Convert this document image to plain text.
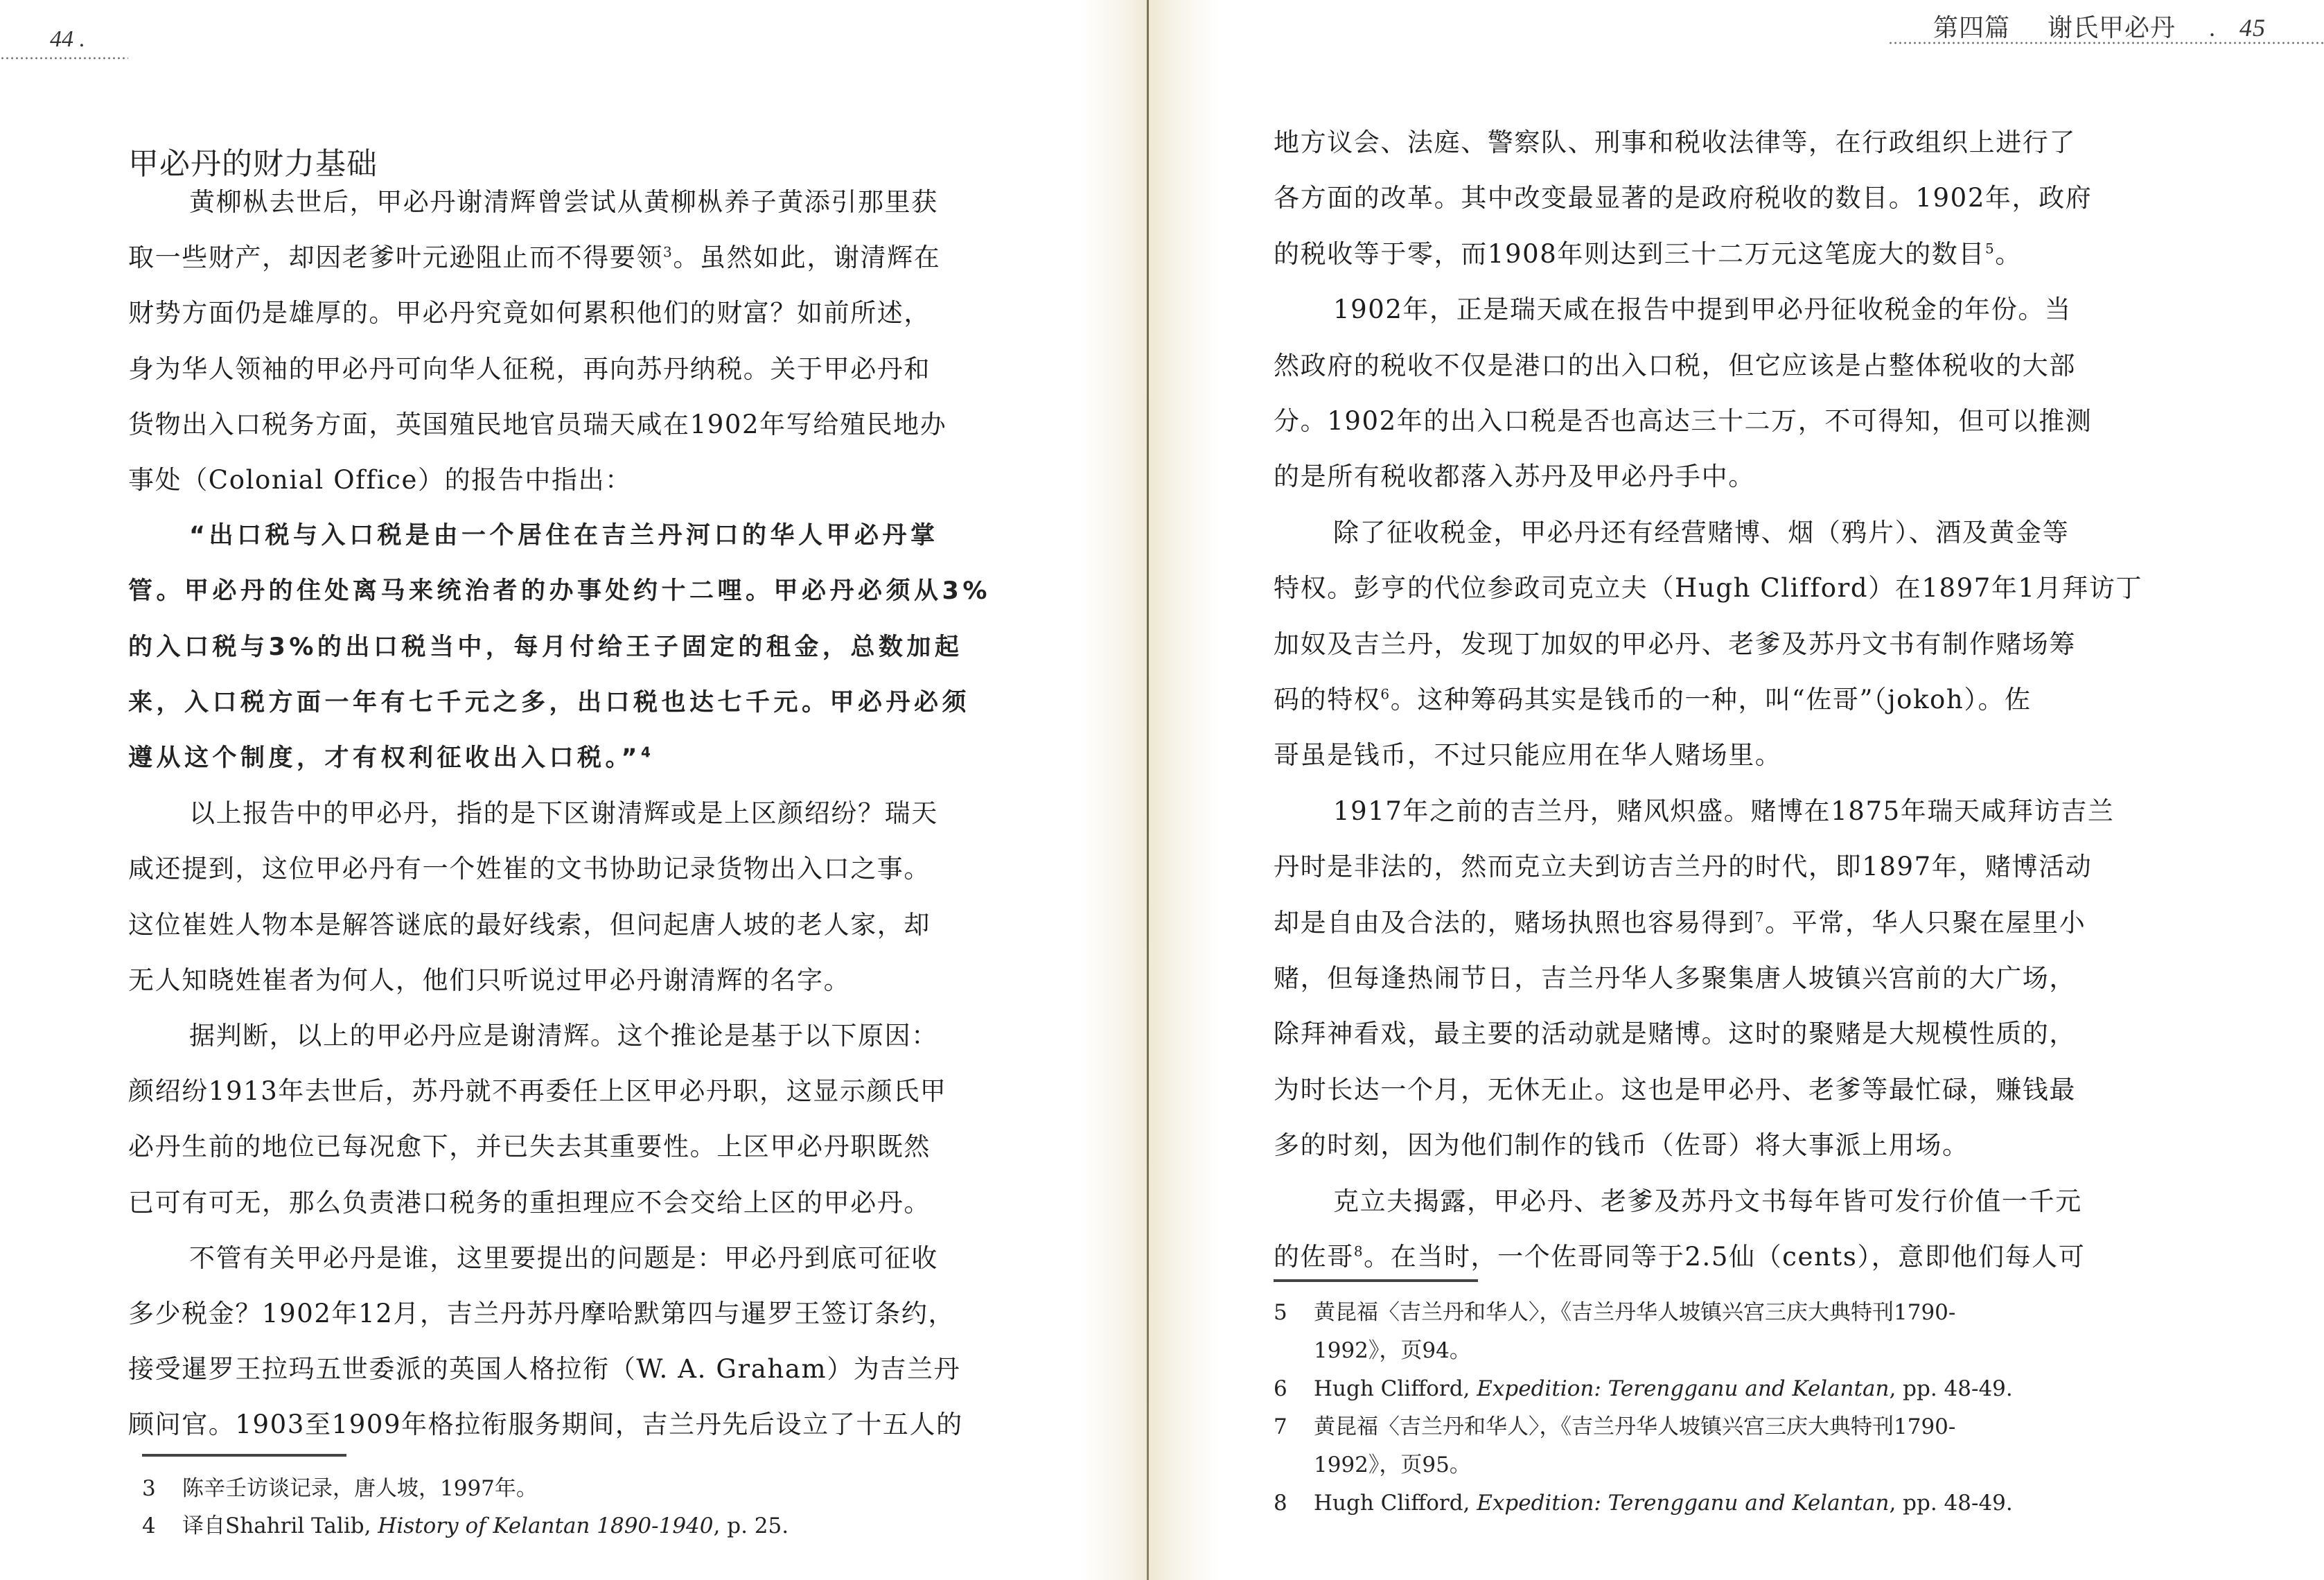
44 .
甲必丹的财力基础
黄柳枞去世后，甲必丹谢清辉曾尝试从黄柳枞养子黄添引那里获
取一些财产，却因老爹叶元逊阻止而不得要领$^3$。虽然如此，谢清辉在
财势方面仍是雄厚的。甲必丹究竟如何累积他们的财富？如前所述，
身为华人领袖的甲必丹可向华人征税，再向苏丹纳税。关于甲必丹和
货物出入口税务方面，英国殖民地官员瑞天咸在1902年写给殖民地办
事处（Colonial Office）的报告中指出：
“出口税与入口税是由一个居住在吉兰丹河口的华人甲必丹掌
管。甲必丹的住处离马来统治者的办事处约十二哩。甲必丹必须从3%
的入口税与3%的出口税当中，每月付给王子固定的租金，总数加起
来，入口税方面一年有七千元之多，出口税也达七千元。甲必丹必须
遵从这个制度，才有权利征收出入口税。”$^4$
以上报告中的甲必丹，指的是下区谢清辉或是上区颜绍纷？瑞天
咸还提到，这位甲必丹有一个姓崔的文书协助记录货物出入口之事。
这位崔姓人物本是解答谜底的最好线索，但问起唐人坡的老人家，却
无人知晓姓崔者为何人，他们只听说过甲必丹谢清辉的名字。
据判断，以上的甲必丹应是谢清辉。这个推论是基于以下原因：
颜绍纷1913年去世后，苏丹就不再委任上区甲必丹职，这显示颜氏甲
必丹生前的地位已每况愈下，并已失去其重要性。上区甲必丹职既然
已可有可无，那么负责港口税务的重担理应不会交给上区的甲必丹。
不管有关甲必丹是谁，这里要提出的问题是：甲必丹到底可征收
多少税金？1902年12月，吉兰丹苏丹摩哈默第四与暹罗王签订条约，
接受暹罗王拉玛五世委派的英国人格拉衔（W. A. Graham）为吉兰丹
顾问官。1903至1909年格拉衔服务期间，吉兰丹先后设立了十五人的
3 陈辛壬访谈记录，唐人坡，1997年。
4 译自Shahril Talib, History of Kelantan 1890-1940, p. 25.
第四篇 谢氏甲必丹 . 45
地方议会、法庭、警察队、刑事和税收法律等，在行政组织上进行了
各方面的改革。其中改变最显著的是政府税收的数目。1902年，政府
的税收等于零，而1908年则达到三十二万元这笔庞大的数目$^5$。
1902年，正是瑞天咸在报告中提到甲必丹征收税金的年份。当
然政府的税收不仅是港口的出入口税，但它应该是占整体税收的大部
分。1902年的出入口税是否也高达三十二万，不可得知，但可以推测
的是所有税收都落入苏丹及甲必丹手中。
除了征收税金，甲必丹还有经营赌博、烟（鸦片）、酒及黄金等
特权。彭亨的代位参政司克立夫（Hugh Clifford）在1897年1月拜访丁
加奴及吉兰丹，发现丁加奴的甲必丹、老爹及苏丹文书有制作赌场筹
码的特权$^6$。这种筹码其实是钱币的一种，叫“佐哥”（jokoh）。佐
哥虽是钱币，不过只能应用在华人赌场里。
1917年之前的吉兰丹，赌风炽盛。赌博在1875年瑞天咸拜访吉兰
丹时是非法的，然而克立夫到访吉兰丹的时代，即1897年，赌博活动
却是自由及合法的，赌场执照也容易得到$^7$。平常，华人只聚在屋里小
赌，但每逢热闹节日，吉兰丹华人多聚集唐人坡镇兴宫前的大广场，
除拜神看戏，最主要的活动就是赌博。这时的聚赌是大规模性质的，
为时长达一个月，无休无止。这也是甲必丹、老爹等最忙碌，赚钱最
多的时刻，因为他们制作的钱币（佐哥）将大事派上用场。
克立夫揭露，甲必丹、老爹及苏丹文书每年皆可发行价值一千元
的佐哥$^8$。在当时，一个佐哥同等于2.5仙（cents），意即他们每人可
5 黄昆福〈吉兰丹和华人〉，《吉兰丹华人坡镇兴宫三庆大典特刊1790-
1992》，页94。
6 Hugh Clifford, Expedition: Terengganu and Kelantan, pp. 48-49.
7 黄昆福〈吉兰丹和华人〉，《吉兰丹华人坡镇兴宫三庆大典特刊1790-
1992》，页95。
8 Hugh Clifford, Expedition: Terengganu and Kelantan, pp. 48-49.
